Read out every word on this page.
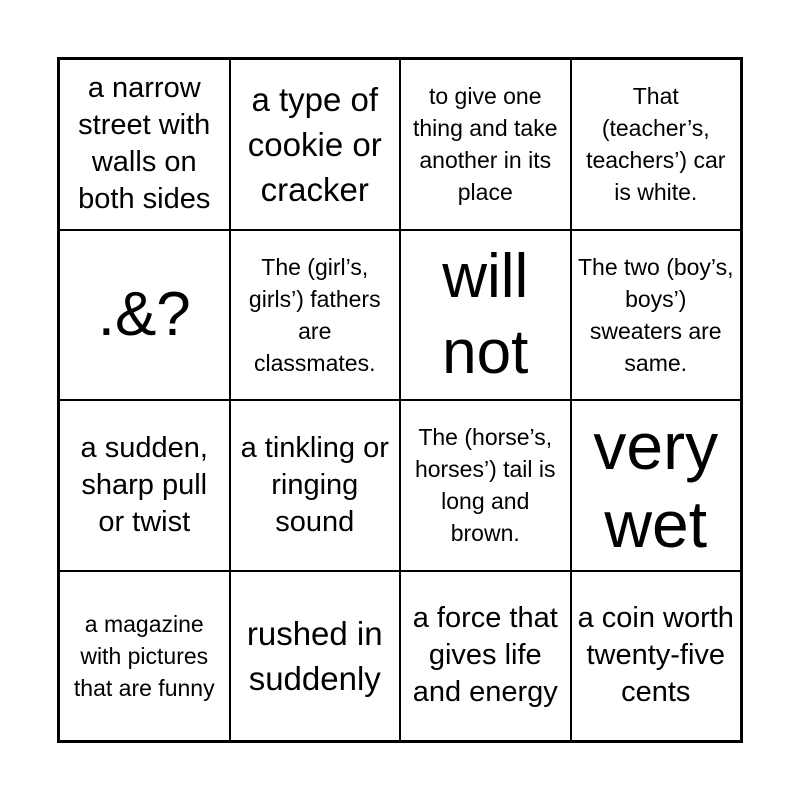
a narrow street with walls on both sides
a type of cookie or cracker
to give one thing and take another in its place
That (teacher’s, teachers’) car is white.
.&?
The (girl’s, girls’) fathers are classmates.
will not
The two (boy’s, boys’) sweaters are same.
a sudden, sharp pull or twist
a tinkling or ringing sound
The (horse’s, horses’) tail is long and brown.
very wet
a magazine with pictures that are funny
rushed in suddenly
a force that gives life and energy
a coin worth twenty-five cents
